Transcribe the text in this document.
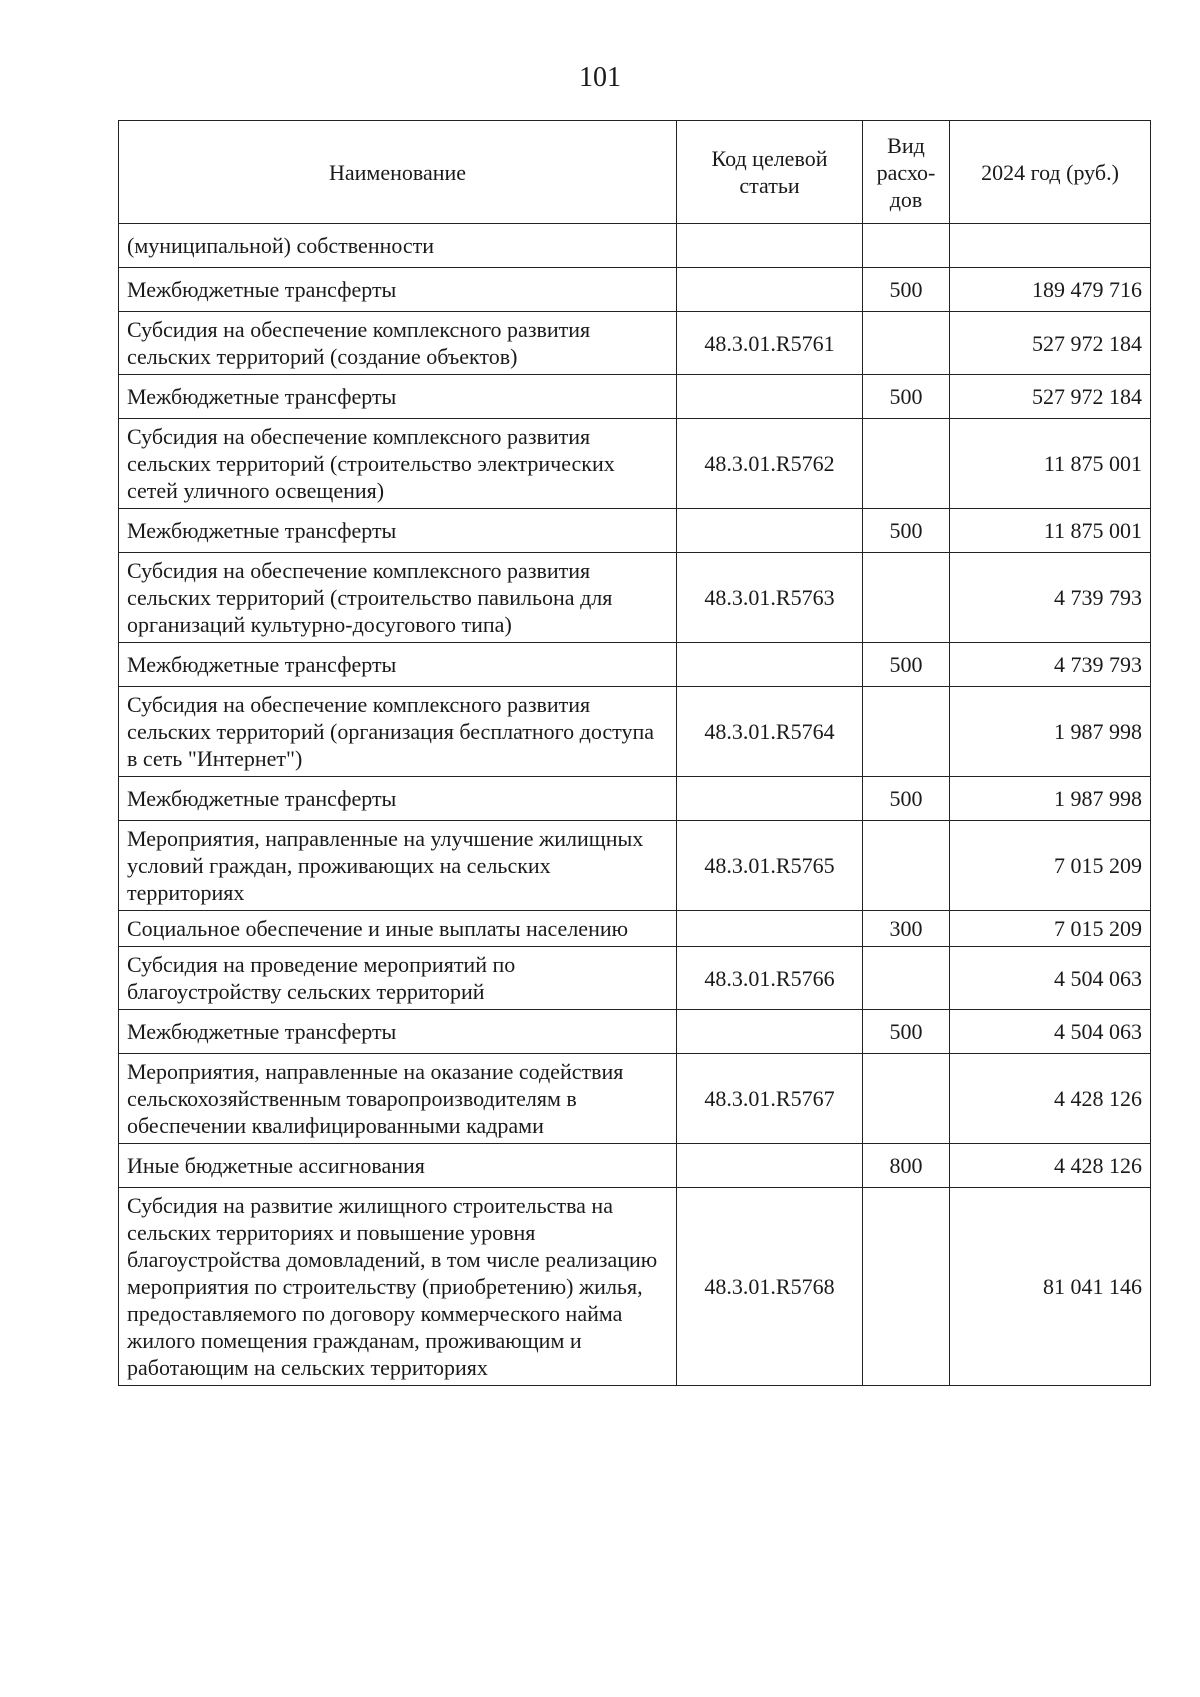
101
Наименование	Код целевой статьи	Вид расхо-дов	2024 год (руб.)
(муниципальной) собственности			
Межбюджетные трансферты		500	189 479 716
Субсидия на обеспечение комплексного развития сельских территорий (создание объектов)	48.3.01.R5761		527 972 184
Межбюджетные трансферты		500	527 972 184
Субсидия на обеспечение комплексного развития сельских территорий (строительство электрических сетей уличного освещения)	48.3.01.R5762		11 875 001
Межбюджетные трансферты		500	11 875 001
Субсидия на обеспечение комплексного развития сельских территорий (строительство павильона для организаций культурно-досугового типа)	48.3.01.R5763		4 739 793
Межбюджетные трансферты		500	4 739 793
Субсидия на обеспечение комплексного развития сельских территорий (организация бесплатного доступа в сеть "Интернет")	48.3.01.R5764		1 987 998
Межбюджетные трансферты		500	1 987 998
Мероприятия, направленные на улучшение жилищных условий граждан, проживающих на сельских территориях	48.3.01.R5765		7 015 209
Социальное обеспечение и иные выплаты населению		300	7 015 209
Субсидия на проведение мероприятий по благоустройству сельских территорий	48.3.01.R5766		4 504 063
Межбюджетные трансферты		500	4 504 063
Мероприятия, направленные на оказание содействия сельскохозяйственным товаропроизводителям в обеспечении квалифицированными кадрами	48.3.01.R5767		4 428 126
Иные бюджетные ассигнования		800	4 428 126
Субсидия на развитие жилищного строительства на сельских территориях и повышение уровня благоустройства домовладений, в том числе реализацию мероприятия по строительству (приобретению) жилья, предоставляемого по договору коммерческого найма жилого помещения гражданам, проживающим и работающим на сельских территориях	48.3.01.R5768		81 041 146
